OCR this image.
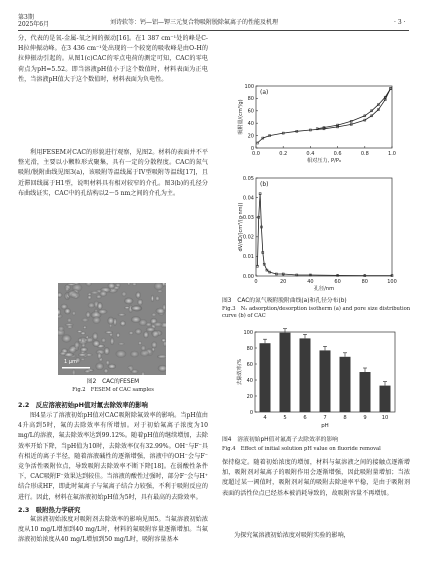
第3期
2025年6月	刘诗软等：钙—铝—钾三元复合物吸附脱除氟离子的性能及机理	· 3 ·

分，代表的是氧-金属-氧之间的振动[16]。在1 387 cm⁻¹处的峰是C-H拉伸振动峰。在3 436 cm⁻¹处出现的一个较宽的吸收峰是由O-H的拉伸振动引起的。从图1(c)CAC的零点电荷的测定可知，CAC的零电荷点为pH=5.52。即当溶液pH值小于这个数值时，材料表面为正电性，当溶液pH值大于这个数值时，材料表面为负电性。

利用FESEM对CAC的形貌进行观察，见图2。材料的表面并不平整光滑，主要以小颗粒形式聚集，具有一定的分散程度。CAC的氮气吸附/脱附曲线见图3(a)，该吸附等温线属于IV型吸附等温线[17]，且近滞回线属于H1型，说明材料具有相对较窄的介孔。图3(b)的孔径分布曲线证实，CAC中的孔结构以2～5 nm之间的介孔为主。

1 μm
图2　CAC的FESEM
Fig.2　FESEM of CAC samples
2.2　反应溶液初始pH值对氟去除效率的影响

图4显示了溶液初始pH值对CAC吸附除氟效率的影响。当pH值由4升高到5时，氟的去除效率有所增加。对于初始氟离子浓度为10 mg/L的溶液，氟去除效率达到99.12%。随着pH值的继续增加，去除效率开始下降，当pH值为10时，去除效率仅有32.99%。OH⁻与F⁻具有相近的离子半径，随着溶液碱性的逐渐增强，溶液中的OH⁻会与F⁻竞争活性吸附位点，导致吸附去除效率不断下降[18]。在弱酸性条件下，CAC吸附F⁻效果达到较佳。当溶液的酸性过强时，部分F⁻会与H⁺结合形成HF，即此时氟离子与氟离子结合力较强，不利于吸附反应的进行。因此，材料在氟溶液初始pH值为5时，具有最高的去除效率。

2.3　吸附热力学研究

氟溶液初始浓度对吸附剂去除效率的影响见图5。当氟溶液初始浓度从10 mg/L增加到40 mg/L时，材料的氟吸附容量逐渐增加。当氟溶液初始浓度从40 mg/L增加到50 mg/L时，吸附容量基本

0.0	0.2	0.4	0.6	0.8	1.0
0
20
40
60
80
100
相对压力, P/P₀
吸附量/(cm³/g)
(a)
0	20	40	60	80	100
0.00
0.01
0.02
0.03
0.04
0.05
孔径/nm
dV/dD/(cm³/(g·nm))
(b)
图3　CAC的氮气吸附脱附曲线(a)和孔径分布(b)
Fig.3　N₂ adsorption/desorption isotherm (a) and pore size distribution curve (b) of CAC
0
20
40
60
80
100
4	5	6	7	8	9	10
pH
去除效率/%
图4　溶液初始pH值对氟离子去除效率的影响
Fig.4　Effect of initial solution pH value on fluoride removal

保持稳定。随着初始浓度的增加，材料与氟溶液之间的接触点逐渐增加，吸附剂对氟离子的吸附作用会逐渐增强，因此吸附量增加；当浓度超过某一阈值时，吸附剂对氟的吸附去除速率平稳，是由于吸附剂表面的活性位点已经基本被消耗导致的，故吸附容量不再增加。

为探究氟溶液初始浓度对吸附实验的影响，
